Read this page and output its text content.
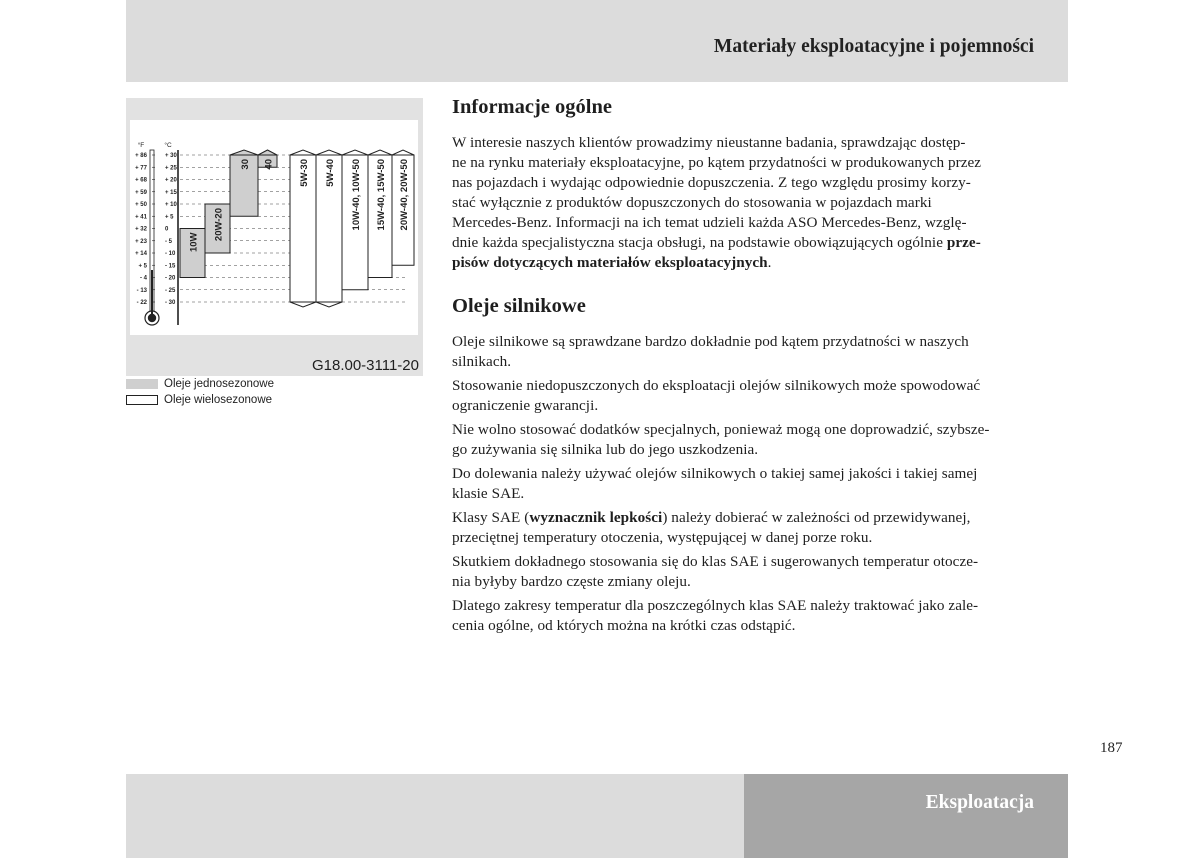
Materiały eksploatacyjne i pojemności
°F	°C
+ 86	+ 30
+ 77	+ 25
+ 68	+ 20
+ 59	+ 15
+ 50	+ 10
+ 41	+ 5
+ 32	0
+ 23	- 5
+ 14	- 10
+ 5	- 15
- 4	- 20
- 13	- 25
- 22	- 30
10W
20W-20
30 40	5W-30 5W-40 10W-40, 10W-50 15W-40, 15W-50 20W-40, 20W-50
G18.00-3111-20
Oleje jednosezonowe
Oleje wielosezonowe
Informacje ogólne

W interesie naszych klientów prowadzimy nieustanne badania, sprawdzając dostęp-
ne na rynku materiały eksploatacyjne, po kątem przydatności w produkowanych przez
nas pojazdach i wydając odpowiednie dopuszczenia. Z tego względu prosimy korzy-
stać wyłącznie z produktów dopuszczonych do stosowania w pojazdach marki
Mercedes-Benz. Informacji na ich temat udzieli każda ASO Mercedes-Benz, wzglę-
dnie każda specjalistyczna stacja obsługi, na podstawie obowiązujących ogólnie prze-
pisów dotyczących materiałów eksploatacyjnych.

Oleje silnikowe

Oleje silnikowe są sprawdzane bardzo dokładnie pod kątem przydatności w naszych
silnikach.

Stosowanie niedopuszczonych do eksploatacji olejów silnikowych może spowodować
ograniczenie gwarancji.

Nie wolno stosować dodatków specjalnych, ponieważ mogą one doprowadzić, szybsze-
go zużywania się silnika lub do jego uszkodzenia.

Do dolewania należy używać olejów silnikowych o takiej samej jakości i takiej samej
klasie SAE.

Klasy SAE (wyznacznik lepkości) należy dobierać w zależności od przewidywanej,
przeciętnej temperatury otoczenia, występującej w danej porze roku.

Skutkiem dokładnego stosowania się do klas SAE i sugerowanych temperatur otocze-
nia byłyby bardzo częste zmiany oleju.

Dlatego zakresy temperatur dla poszczególnych klas SAE należy traktować jako zale-
cenia ogólne, od których można na krótki czas odstąpić.

187
Eksploatacja
